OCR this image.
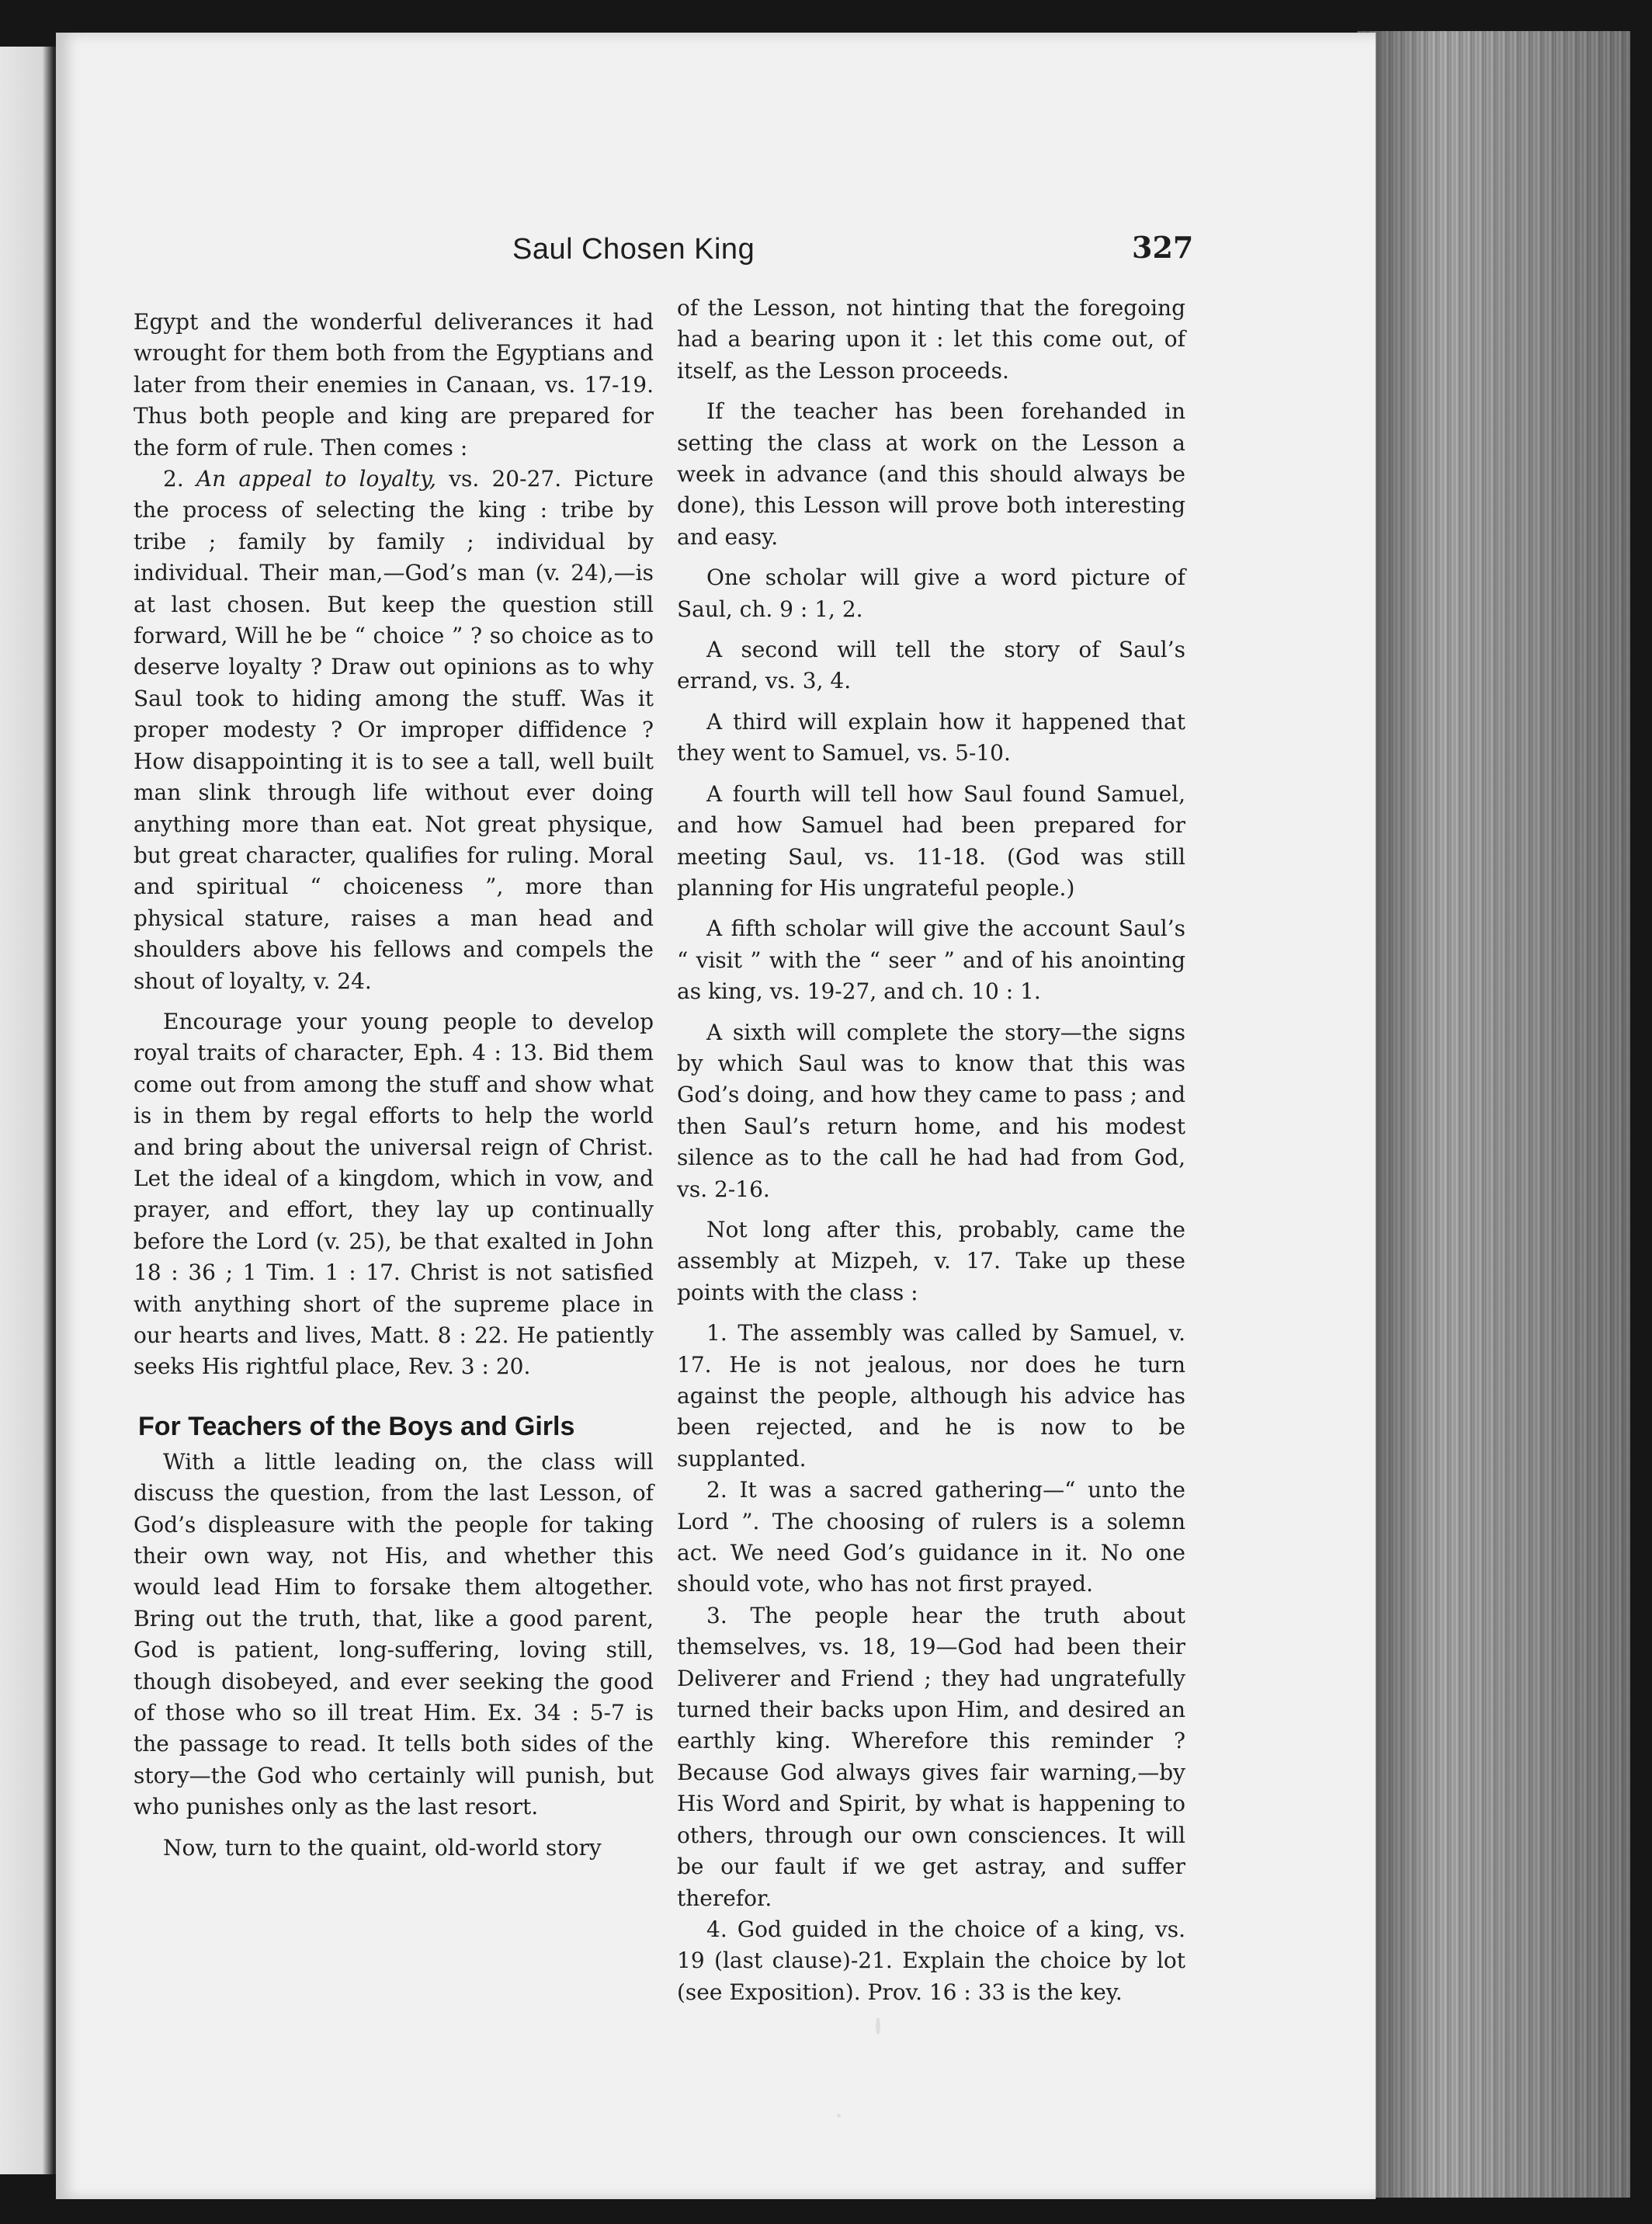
Saul Chosen King	327

Egypt and the wonderful deliverances it had wrought for them both from the Egyptians and later from their enemies in Canaan, vs. 17-19. Thus both people and king are prepared for the form of rule. Then comes :

2. An appeal to loyalty, vs. 20-27. Picture the process of selecting the king : tribe by tribe ; family by family ; individual by individual. Their man,—God’s man (v. 24),—is at last chosen. But keep the question still forward, Will he be “ choice ” ? so choice as to deserve loyalty ? Draw out opinions as to why Saul took to hiding among the stuff. Was it proper modesty ? Or improper diffidence ? How disappointing it is to see a tall, well built man slink through life without ever doing anything more than eat. Not great physique, but great character, qualifies for ruling. Moral and spiritual “ choiceness ”, more than physical stature, raises a man head and shoulders above his fellows and compels the shout of loyalty, v. 24.

Encourage your young people to develop royal traits of character, Eph. 4 : 13. Bid them come out from among the stuff and show what is in them by regal efforts to help the world and bring about the universal reign of Christ. Let the ideal of a kingdom, which in vow, and prayer, and effort, they lay up continually before the Lord (v. 25), be that exalted in John 18 : 36 ; 1 Tim. 1 : 17. Christ is not satisfied with anything short of the supreme place in our hearts and lives, Matt. 8 : 22. He patiently seeks His rightful place, Rev. 3 : 20.

For Teachers of the Boys and Girls

With a little leading on, the class will discuss the question, from the last Lesson, of God’s displeasure with the people for taking their own way, not His, and whether this would lead Him to forsake them altogether. Bring out the truth, that, like a good parent, God is patient, long-suffering, loving still, though disobeyed, and ever seeking the good of those who so ill treat Him. Ex. 34 : 5-7 is the passage to read. It tells both sides of the story—the God who certainly will punish, but who punishes only as the last resort.

Now, turn to the quaint, old-world story

of the Lesson, not hinting that the foregoing had a bearing upon it : let this come out, of itself, as the Lesson proceeds.

If the teacher has been forehanded in setting the class at work on the Lesson a week in advance (and this should always be done), this Lesson will prove both interesting and easy.

One scholar will give a word picture of Saul, ch. 9 : 1, 2.

A second will tell the story of Saul’s errand, vs. 3, 4.

A third will explain how it happened that they went to Samuel, vs. 5-10.

A fourth will tell how Saul found Samuel, and how Samuel had been prepared for meeting Saul, vs. 11-18. (God was still planning for His ungrateful people.)

A fifth scholar will give the account Saul’s “ visit ” with the “ seer ” and of his anointing as king, vs. 19-27, and ch. 10 : 1.

A sixth will complete the story—the signs by which Saul was to know that this was God’s doing, and how they came to pass ; and then Saul’s return home, and his modest silence as to the call he had had from God, vs. 2-16.

Not long after this, probably, came the assembly at Mizpeh, v. 17. Take up these points with the class :

1. The assembly was called by Samuel, v. 17. He is not jealous, nor does he turn against the people, although his advice has been rejected, and he is now to be supplanted.

2. It was a sacred gathering—“ unto the Lord ”. The choosing of rulers is a solemn act. We need God’s guidance in it. No one should vote, who has not first prayed.

3. The people hear the truth about themselves, vs. 18, 19—God had been their Deliverer and Friend ; they had ungratefully turned their backs upon Him, and desired an earthly king. Wherefore this reminder ? Because God always gives fair warning,—by His Word and Spirit, by what is happening to others, through our own consciences. It will be our fault if we get astray, and suffer therefor.

4. God guided in the choice of a king, vs. 19 (last clause)-21. Explain the choice by lot (see Exposition). Prov. 16 : 33 is the key.
